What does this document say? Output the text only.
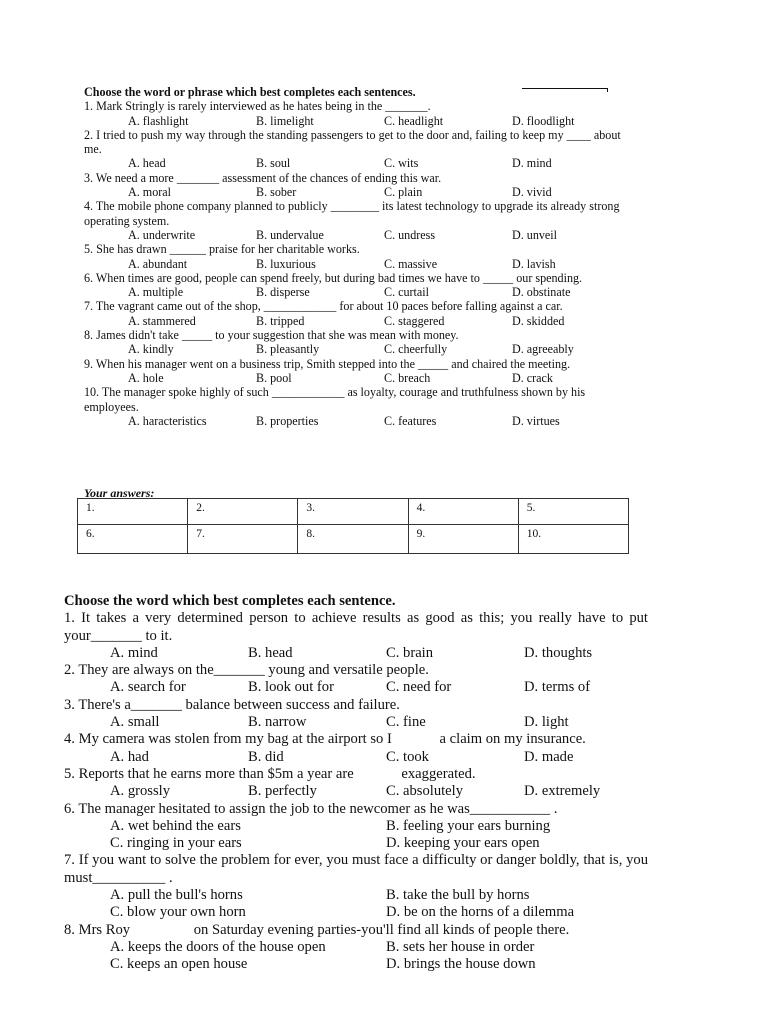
Choose the word or phrase which best completes each sentences.
1. Mark Stringly is rarely interviewed as he hates being in the _______.
A. flashlight	B. limelight	C. headlight	D. floodlight
2. I tried to push my way through the standing passengers to get to the door and, failing to keep my ____ about me.
A. head	B. soul	C. wits	D. mind
3. We need a more _______ assessment of the chances of ending this war.
A. moral	B. sober	C. plain	D. vivid
4. The mobile phone company planned to publicly ________ its latest technology to upgrade its already strong operating system.
A. underwrite	B. undervalue	C. undress	D. unveil
5. She has drawn ______ praise for her charitable works.
A. abundant	B. luxurious	C. massive	D. lavish
6. When times are good, people can spend freely, but during bad times we have to _____ our spending.
A. multiple	B. disperse	C. curtail	D. obstinate
7. The vagrant came out of the shop, ____________ for about 10 paces before falling against a car.
A. stammered	B. tripped	C. staggered	D. skidded
8. James didn't take _____ to your suggestion that she was mean with money.
A. kindly	B. pleasantly	C. cheerfully	D. agreeably
9. When his manager went on a business trip, Smith stepped into the _____ and chaired the meeting.
A. hole	B. pool	C. breach	D. crack
10. The manager spoke highly of such ____________ as loyalty, courage and truthfulness shown by his employees.
A. haracteristics	B. properties	C. features	D. virtues
Your answers:
1.	2.	3.	4.	5.
6.	7.	8.	9.	10.
Choose the word which best completes each sentence.
1. It takes a very determined person to achieve results as good as this; you really have to put your_______ to it.
A. mind	B. head	C. brain	D. thoughts
2. They are always on the_______ young and versatile people.
A. search for	B. look out for	C. need for	D. terms of
3. There's a_______ balance between success and failure.
A. small	B. narrow	C. fine	D. light
4. My camera was stolen from my bag at the airport so I	a claim on my insurance.
A. had	B. did	C. took	D. made
5. Reports that he earns more than $5m a year are	exaggerated.
A. grossly	B. perfectly	C. absolutely	D. extremely
6. The manager hesitated to assign the job to the newcomer as he was___________ .
A. wet behind the ears	B. feeling your ears burning
C. ringing in your ears	D. keeping your ears open
7. If you want to solve the problem for ever, you must face a difficulty or danger boldly, that is, you must__________ .
A. pull the bull's horns	B. take the bull by horns
C. blow your own horn	D. be on the horns of a dilemma
8. Mrs Roy	on Saturday evening parties-you'll find all kinds of people there.
A. keeps the doors of the house open	B. sets her house in order
C. keeps an open house	D. brings the house down
